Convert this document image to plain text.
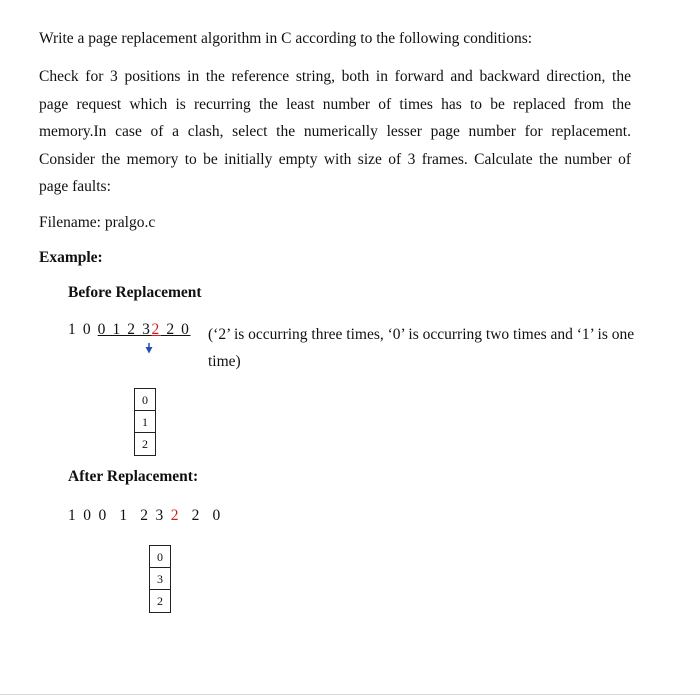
Write a page replacement algorithm in C according to the following conditions:
Check for 3 positions in the reference string, both in forward and backward direction, the
page request which is recurring the least number of times has to be replaced from the
memory.In case of a clash, select the numerically lesser page number for replacement.
Consider the memory to be initially empty with size of 3 frames. Calculate the number of
page faults:
Filename: pralgo.c
Example:
Before Replacement
1 0 0 1 2 32 2 0 (‘2’ is occurring three times, ‘0’ is occurring two times and ‘1’ is one time)
0
1
2
After Replacement:
1 0 0  1  2 3 2  2  0
0
3
2
